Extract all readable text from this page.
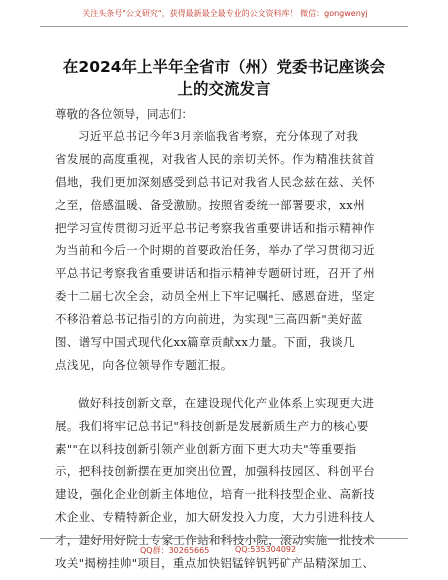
关注头条号"公文研究"，获得最新最全最专业的公文资料库！ 微信：gongwenyj
在2024年上半年全省市（州）党委书记座谈会
上的交流发言
尊敬的各位领导，同志们：
习近平总书记今年3月亲临我省考察，充分体现了对我
省发展的高度重视，对我省人民的亲切关怀。作为精准扶贫首
倡地，我们更加深刻感受到总书记对我省人民念兹在兹、关怀
之至，倍感温暖、备受激励。按照省委统一部署要求，xx州
把学习宣传贯彻习近平总书记考察我省重要讲话和指示精神作
为当前和今后一个时期的首要政治任务，举办了学习贯彻习近
平总书记考察我省重要讲话和指示精神专题研讨班，召开了州
委十二届七次全会，动员全州上下牢记嘱托、感恩奋进，坚定
不移沿着总书记指引的方向前进，为实现"三高四新"美好蓝
图、谱写中国式现代化xx篇章贡献xx力量。下面，我谈几
点浅见，向各位领导作专题汇报。
做好科技创新文章，在建设现代化产业体系上实现更大进
展。我们将牢记总书记"科技创新是发展新质生产力的核心要
素""在以科技创新引领产业创新方面下更大功夫"等重要指
示，把科技创新摆在更加突出位置，加强科技园区、科创平台
建设，强化企业创新主体地位，培育一批科技型企业、高新技
术企业、专精特新企业，加大研发投入力度，大力引进科技人
才，建好用好院士专家工作站和科技小院，滚动实施一批技术
攻关"揭榜挂帅"项目，重点加快铝锰锌钒钙矿产品精深加工、
QQ群：30265665	QQ:535304092
